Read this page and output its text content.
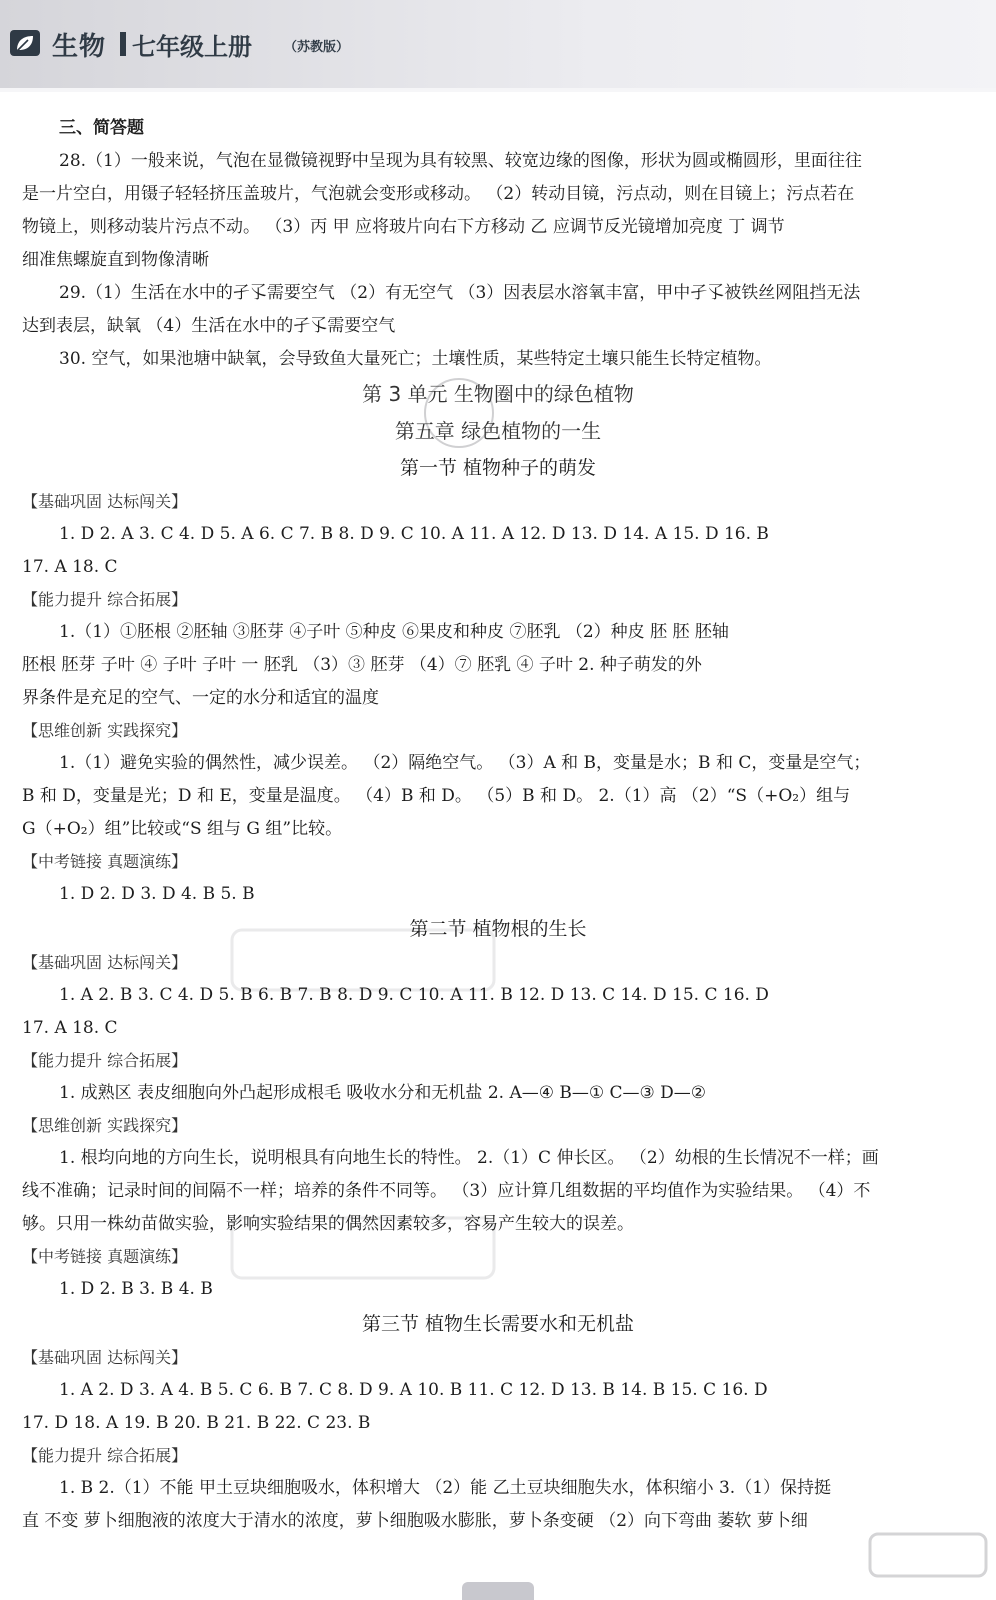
生物 七年级上册 （苏教版）
三、简答题
28.（1）一般来说，气泡在显微镜视野中呈现为具有较黑、较宽边缘的图像，形状为圆或椭圆形，里面往往
是一片空白，用镊子轻轻挤压盖玻片，气泡就会变形或移动。 （2）转动目镜，污点动，则在目镜上；污点若在
物镜上，则移动装片污点不动。 （3）丙 甲 应将玻片向右下方移动 乙 应调节反光镜增加亮度 丁 调节
细准焦螺旋直到物像清晰
29.（1）生活在水中的孑孓需要空气 （2）有无空气 （3）因表层水溶氧丰富，甲中孑孓被铁丝网阻挡无法
达到表层，缺氧 （4）生活在水中的孑孓需要空气
30. 空气，如果池塘中缺氧，会导致鱼大量死亡；土壤性质，某些特定土壤只能生长特定植物。
第 3 单元 生物圈中的绿色植物
第五章 绿色植物的一生
第一节 植物种子的萌发
【基础巩固 达标闯关】
1. D 2. A 3. C 4. D 5. A 6. C 7. B 8. D 9. C 10. A 11. A 12. D 13. D 14. A 15. D 16. B
17. A 18. C
【能力提升 综合拓展】
1.（1）①胚根 ②胚轴 ③胚芽 ④子叶 ⑤种皮 ⑥果皮和种皮 ⑦胚乳 （2）种皮 胚 胚 胚轴
胚根 胚芽 子叶 ④ 子叶 子叶 一 胚乳 （3）③ 胚芽 （4）⑦ 胚乳 ④ 子叶 2. 种子萌发的外
界条件是充足的空气、一定的水分和适宜的温度
【思维创新 实践探究】
1.（1）避免实验的偶然性，减少误差。 （2）隔绝空气。 （3）A 和 B，变量是水；B 和 C，变量是空气；
B 和 D，变量是光；D 和 E，变量是温度。 （4）B 和 D。 （5）B 和 D。 2.（1）高 （2）“S（+O₂）组与
G（+O₂）组”比较或“S 组与 G 组”比较。
【中考链接 真题演练】
1. D 2. D 3. D 4. B 5. B
第二节 植物根的生长
【基础巩固 达标闯关】
1. A 2. B 3. C 4. D 5. B 6. B 7. B 8. D 9. C 10. A 11. B 12. D 13. C 14. D 15. C 16. D
17. A 18. C
【能力提升 综合拓展】
1. 成熟区 表皮细胞向外凸起形成根毛 吸收水分和无机盐 2. A—④ B—① C—③ D—②
【思维创新 实践探究】
1. 根均向地的方向生长，说明根具有向地生长的特性。 2.（1）C 伸长区。 （2）幼根的生长情况不一样；画
线不准确；记录时间的间隔不一样；培养的条件不同等。 （3）应计算几组数据的平均值作为实验结果。 （4）不
够。只用一株幼苗做实验，影响实验结果的偶然因素较多，容易产生较大的误差。
【中考链接 真题演练】
1. D 2. B 3. B 4. B
第三节 植物生长需要水和无机盐
【基础巩固 达标闯关】
1. A 2. D 3. A 4. B 5. C 6. B 7. C 8. D 9. A 10. B 11. C 12. D 13. B 14. B 15. C 16. D
17. D 18. A 19. B 20. B 21. B 22. C 23. B
【能力提升 综合拓展】
1. B 2.（1）不能 甲土豆块细胞吸水，体积增大 （2）能 乙土豆块细胞失水，体积缩小 3.（1）保持挺
直 不变 萝卜细胞液的浓度大于清水的浓度，萝卜细胞吸水膨胀，萝卜条变硬 （2）向下弯曲 萎软 萝卜细
